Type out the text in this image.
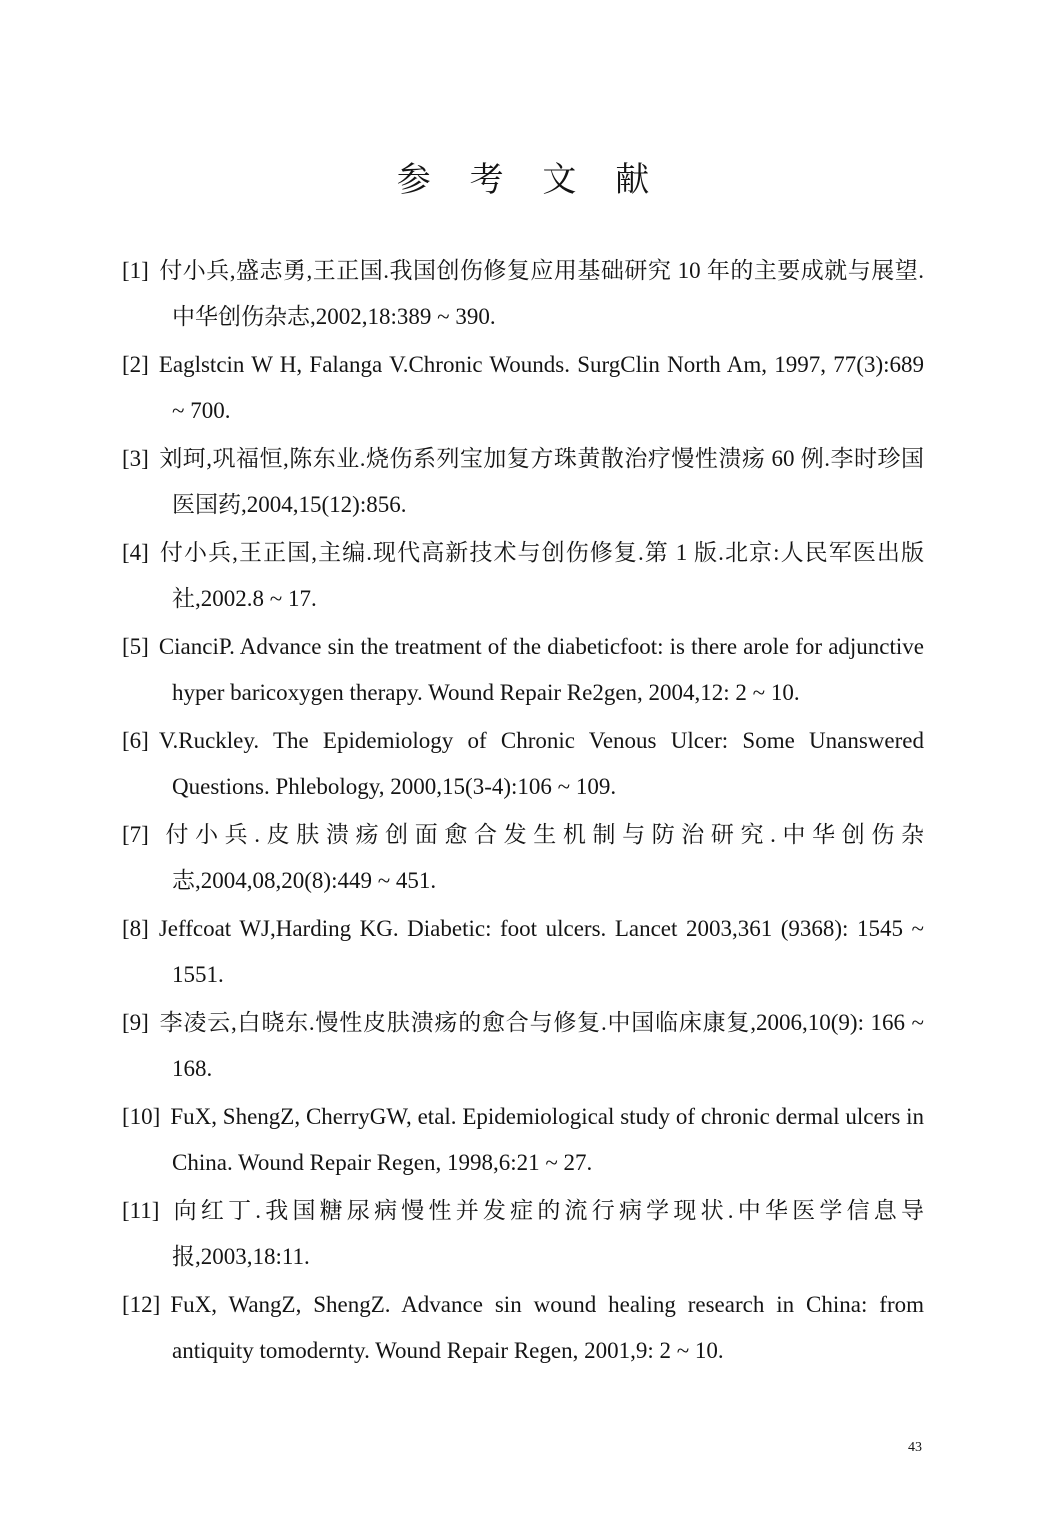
参 考 文 献
[1] 付小兵,盛志勇,王正国.我国创伤修复应用基础研究 10 年的主要成就与展望.中华创伤杂志,2002,18:389 ~ 390.
[2] Eaglstcin W H, Falanga V.Chronic Wounds. SurgClin North Am, 1997, 77(3):689 ~ 700.
[3] 刘珂,巩福恒,陈东业.烧伤系列宝加复方珠黄散治疗慢性溃疡 60 例.李时珍国医国药,2004,15(12):856.
[4] 付小兵,王正国,主编.现代高新技术与创伤修复.第 1 版.北京:人民军医出版社,2002.8 ~ 17.
[5] CianciP. Advance sin the treatment of the diabeticfoot: is there arole for adjunctive hyper baricoxygen therapy. Wound Repair Re2gen, 2004,12: 2 ~ 10.
[6] V.Ruckley. The Epidemiology of Chronic Venous Ulcer: Some Unanswered Questions. Phlebology, 2000,15(3-4):106 ~ 109.
[7] 付小兵.皮肤溃疡创面愈合发生机制与防治研究.中华创伤杂志,2004,08,20(8):449 ~ 451.
[8] Jeffcoat WJ,Harding KG. Diabetic: foot ulcers. Lancet 2003,361 (9368): 1545 ~ 1551.
[9] 李凌云,白晓东.慢性皮肤溃疡的愈合与修复.中国临床康复,2006,10(9): 166 ~ 168.
[10] FuX, ShengZ, CherryGW, etal. Epidemiological study of chronic dermal ulcers in China. Wound Repair Regen, 1998,6:21 ~ 27.
[11] 向红丁.我国糖尿病慢性并发症的流行病学现状.中华医学信息导报,2003,18:11.
[12] FuX, WangZ, ShengZ. Advance sin wound healing research in China: from antiquity tomodernty. Wound Repair Regen, 2001,9: 2 ~ 10.
43
